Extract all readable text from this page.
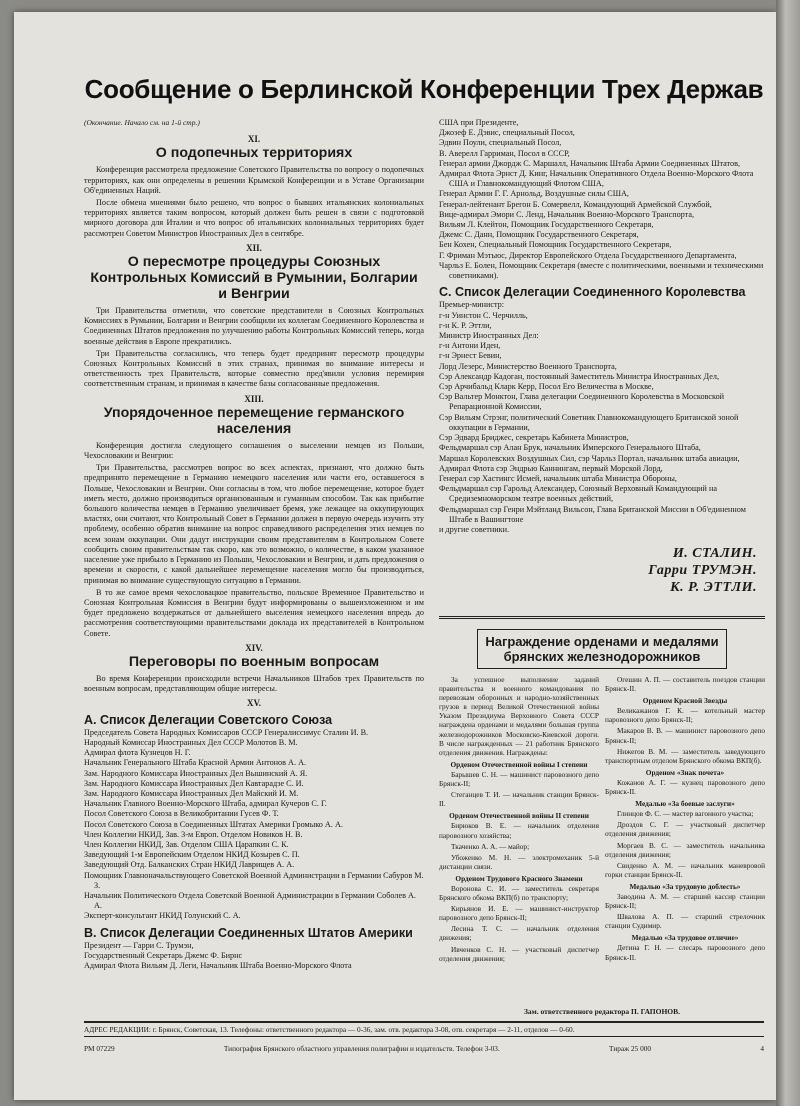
Сообщение о Берлинской Конференции Трех Держав
(Окончание. Начало см. на 1-й стр.)
XI.
О подопечных территориях

Конференция рассмотрела предложение Советского Правительства по вопросу о подопечных территориях, как они определены в решении Крымской Конференции и в Уставе Организации Об'единенных Наций.

После обмена мнениями было решено, что вопрос о бывших итальянских колониальных территориях является таким вопросом, который должен быть решен в связи с подготовкой мирного договора для Италии и что вопрос об итальянских колониальных территориях будет рассмотрен Советом Министров Иностранных Дел в сентябре.

XII.
О пересмотре процедуры Союзных Контрольных Комиссий в Румынии, Болгарии и Венгрии

Три Правительства отметили, что советские представители в Союзных Контрольных Комиссиях в Румынии, Болгарии и Венгрии сообщили их коллегам Соединенного Королевства и Соединенных Штатов предложения по улучшению работы Контрольных Комиссий теперь, когда военные действия в Европе прекратились.

Три Правительства согласились, что теперь будет предпринят пересмотр процедуры Союзных Контрольных Комиссий в этих странах, принимая во внимание интересы и ответственность трех Правительств, которые совместно пред'явили условия перемирия соответственным странам, и принимая в качестве базы согласованные предложения.

XIII.
Упорядоченное перемещение германского населения

Конференция достигла следующего соглашения о выселении немцев из Польши, Чехословакии и Венгрии:

Три Правительства, рассмотрев вопрос во всех аспектах, признают, что должно быть предпринято перемещение в Германию немецкого населения или части его, оставшегося в Польше, Чехословакии и Венгрии. Они согласны в том, что любое перемещение, которое будет иметь место, должно производиться организованным и гуманным способом. Так как прибытие большого количества немцев в Германию увеличивает бремя, уже лежащее на оккупирующих властях, они считают, что Контрольный Совет в Германии должен в первую очередь изучить эту проблему, особенно обратив внимание на вопрос справедливого распределения этих немцев по всем зонам оккупации. Они дадут инструкции своим представителям в Контрольном Совете сообщить своим правительствам так скоро, как это возможно, о количестве, в каком указанное население уже прибыло в Германию из Польши, Чехословакии и Венгрии, и дать предложения о времени и скорости, с какой дальнейшее перемещение населения могло бы производиться, принимая во внимание существующую ситуацию в Германии.

В то же самое время чехословацкое правительство, польское Временное Правительство и Союзная Контрольная Комиссия в Венгрии будут информированы о вышеизложенном и им будет предложено воздержаться от дальнейшего выселения немецкого населения впредь до рассмотрения соответствующими правительствами доклада их представителей в Контрольном Совете.

XIV.
Переговоры по военным вопросам

Во время Конференции происходили встречи Начальников Штабов трех Правительств по военным вопросам, представляющим общие интересы.

XV.
А. Список Делегации Советского Союза

Председатель Совета Народных Комиссаров СССР Генералиссимус Сталин И. В.

Народный Комиссар Иностранных Дел СССР Молотов В. М.

Адмирал флота Кузнецов Н. Г.

Начальник Генерального Штаба Красной Армии Антонов А. А.

Зам. Народного Комиссара Иностранных Дел Вышинский А. Я.

Зам. Народного Комиссара Иностранных Дел Кавтарадзе С. И.

Зам. Народного Комиссара Иностранных Дел Майский И. М.

Начальник Главного Военно-Морского Штаба, адмирал Кучеров С. Г.

Посол Советского Союза в Великобритании Гусев Ф. Т.

Посол Советского Союза в Соединенных Штатах Америки Громыко А. А.

Член Коллегии НКИД, Зав. 3-м Европ. Отделом Новиков Н. В.

Член Коллегии НКИД, Зав. Отделом США Царапкин С. К.

Заведующий 1-м Европейским Отделом НКИД Козырев С. П.

Заведующий Отд. Балканских Стран НКИД Лаврищев А. А.

Помощник Главноначальствующего Советской Военной Администрации в Германии Сабуров М. З.

Начальник Политического Отдела Советской Военной Администрации в Германии Соболев А. А.

Эксперт-консультант НКИД Голунский С. А.

В. Список Делегации Соединенных Штатов Америки

Президент — Гарри С. Трумэн,

Государственный Секретарь Джемс Ф. Бирнс

Адмирал Флота Вильям Д. Леги, Начальник Штаба Военно-Морского Флота

США при Президенте,

Джозеф Е. Дэвис, специальный Посол,

Эдвин Поули, специальный Посол,

В. Аверелл Гарриман, Посол в СССР,

Генерал армии Джордж С. Маршалл, Начальник Штаба Армии Соединенных Штатов,

Адмирал Флота Эрнст Д. Кинг, Начальник Оперативного Отдела Военно-Морского Флота США и Главнокомандующий Флотом США,

Генерал Армии Г. Г. Арнольд, Воздушные силы США,

Генерал-лейтенант Брегон Б. Сомервелл, Командующий Армейской Службой,

Вице-адмирал Эмори С. Ленд, Начальник Военно-Морского Транспорта,

Вильям Л. Клейтон, Помощник Государственного Секретаря,

Джемс С. Данн, Помощник Государственного Секретаря,

Бен Кохен, Специальный Помощник Государственного Секретаря,

Г. Фриман Мэтьюс, Директор Европейского Отдела Государственного Департамента,

Чарльз Е. Болен, Помощник Секретаря (вместе с политическими, военными и техническими советниками).

С. Список Делегации Соединенного Королевства

Премьер-министр:

г-н Уинстон С. Черчилль,

г-н К. Р. Эттли,

Министр Иностранных Дел:

г-н Антони Иден,

г-н Эрнест Бевин,

Лорд Лезерс, Министерство Военного Транспорта,

Сэр Александр Кадоган, постоянный Заместитель Министра Иностранных Дел,

Сэр Арчибальд Кларк Керр, Посол Его Величества в Москве,

Сэр Вальтер Монктон, Глава делегации Соединенного Королевства в Московской Репарационной Комиссии,

Сэр Вильям Стрэнг, политический Советник Главнокомандующего Британской зоной оккупации в Германии,

Сэр Эдвард Бриджес, секретарь Кабинета Министров,

Фельдмаршал сэр Алан Брук, начальник Имперского Генерального Штаба,

Маршал Королевских Воздушных Сил, сэр Чарльз Портал, начальник штаба авиации,

Адмирал Флота сэр Эндрью Каннингам, первый Морской Лорд,

Генерал сэр Хастингс Исмей, начальник штаба Министра Обороны,

Фельдмаршал сэр Гарольд Александер, Союзный Верховный Командующий на Средиземноморском театре военных действий,

Фельдмаршал сэр Генри Мэйтланд Вильсон, Глава Британской Миссии в Об'единенном Штабе в Вашингтоне

и другие советники.

И. СТАЛИН.
Гарри ТРУМЭН.
К. Р. ЭТТЛИ.
Награждение орденами и медалями брянских железнодорожников

За успешное выполнение заданий правительства и военного командования по перевозкам оборонных и народно-хозяйственных грузов в период Великой Отечественной войны Указом Президиума Верховного Совета СССР награждена орденами и медалями большая группа железнодорожников Московско-Киевской дороги. В числе награжденных — 21 работник Брянского отделения движения. Награждены:

Орденом Отечественной войны I степени

Барышев С. Н. — машинист паровозного депо Брянск-II;

Стеганцев Т. И. — начальник станции Брянск-II.

Орденом Отечественной войны II степени

Бирюков В. Е. — начальник отделения паровозного хозяйства;

Ткаченко А. А. — майор;

Убоженко М. Н. — электромеханик 5-й дистанции связи.

Орденом Трудового Красного Знамени

Воронова С. И. — заместитель секретаря Брянского обкома ВКП(б) по транспорту;

Кирьянов И. Е. — машинист-инструктор паровозного депо Брянск-II;

Лесина Т. С. — начальник отделения движения;

Ивченков С. Н. — участковый диспетчер отделения движения;

Огешин А. П. — составитель поездов станции Брянск-II.

Орденом Красной Звезды

Великажанов Г. К. — котельный мастер паровозного депо Брянск-II;

Макаров В. В. — машинист паровозного депо Брянск-II;

Нижегов В. М. — заместитель заведующего транспортным отделом Брянского обкома ВКП(б).

Орденом «Знак почета»

Кожанов А. Г. — кузнец паровозного депо Брянск-II.

Медалью «За боевые заслуги»

Глинцов Ф. С. — мастер вагонного участка;

Дроздов С. Г. — участковый диспетчер отделения движения;

Моргаев В. С. — заместитель начальника отделения движения;

Свиденко А. М. — начальник маневровой горки станции Брянск-II.

Медалью «За трудовую доблесть»

Заводина А. М. — старший кассир станции Брянск-II;

Швалова А. П. — старший стрелочник станции Судимир.

Медалью «За трудовое отличие»

Детина Г. Н. — слесарь паровозного депо Брянск-II.

Зам. ответственного редактора П. ГАПОНОВ.
АДРЕС РЕДАКЦИИ: г. Брянск, Советская, 13. Телефоны: ответственного редактора — 0-36, зам. отв. редактора 3-08, отв. секретаря — 2-11, отделов — 0-60.
РМ 07229	Типография Брянского областного управления полиграфии и издательств. Телефон 3-03.	Тираж 25 000	4
